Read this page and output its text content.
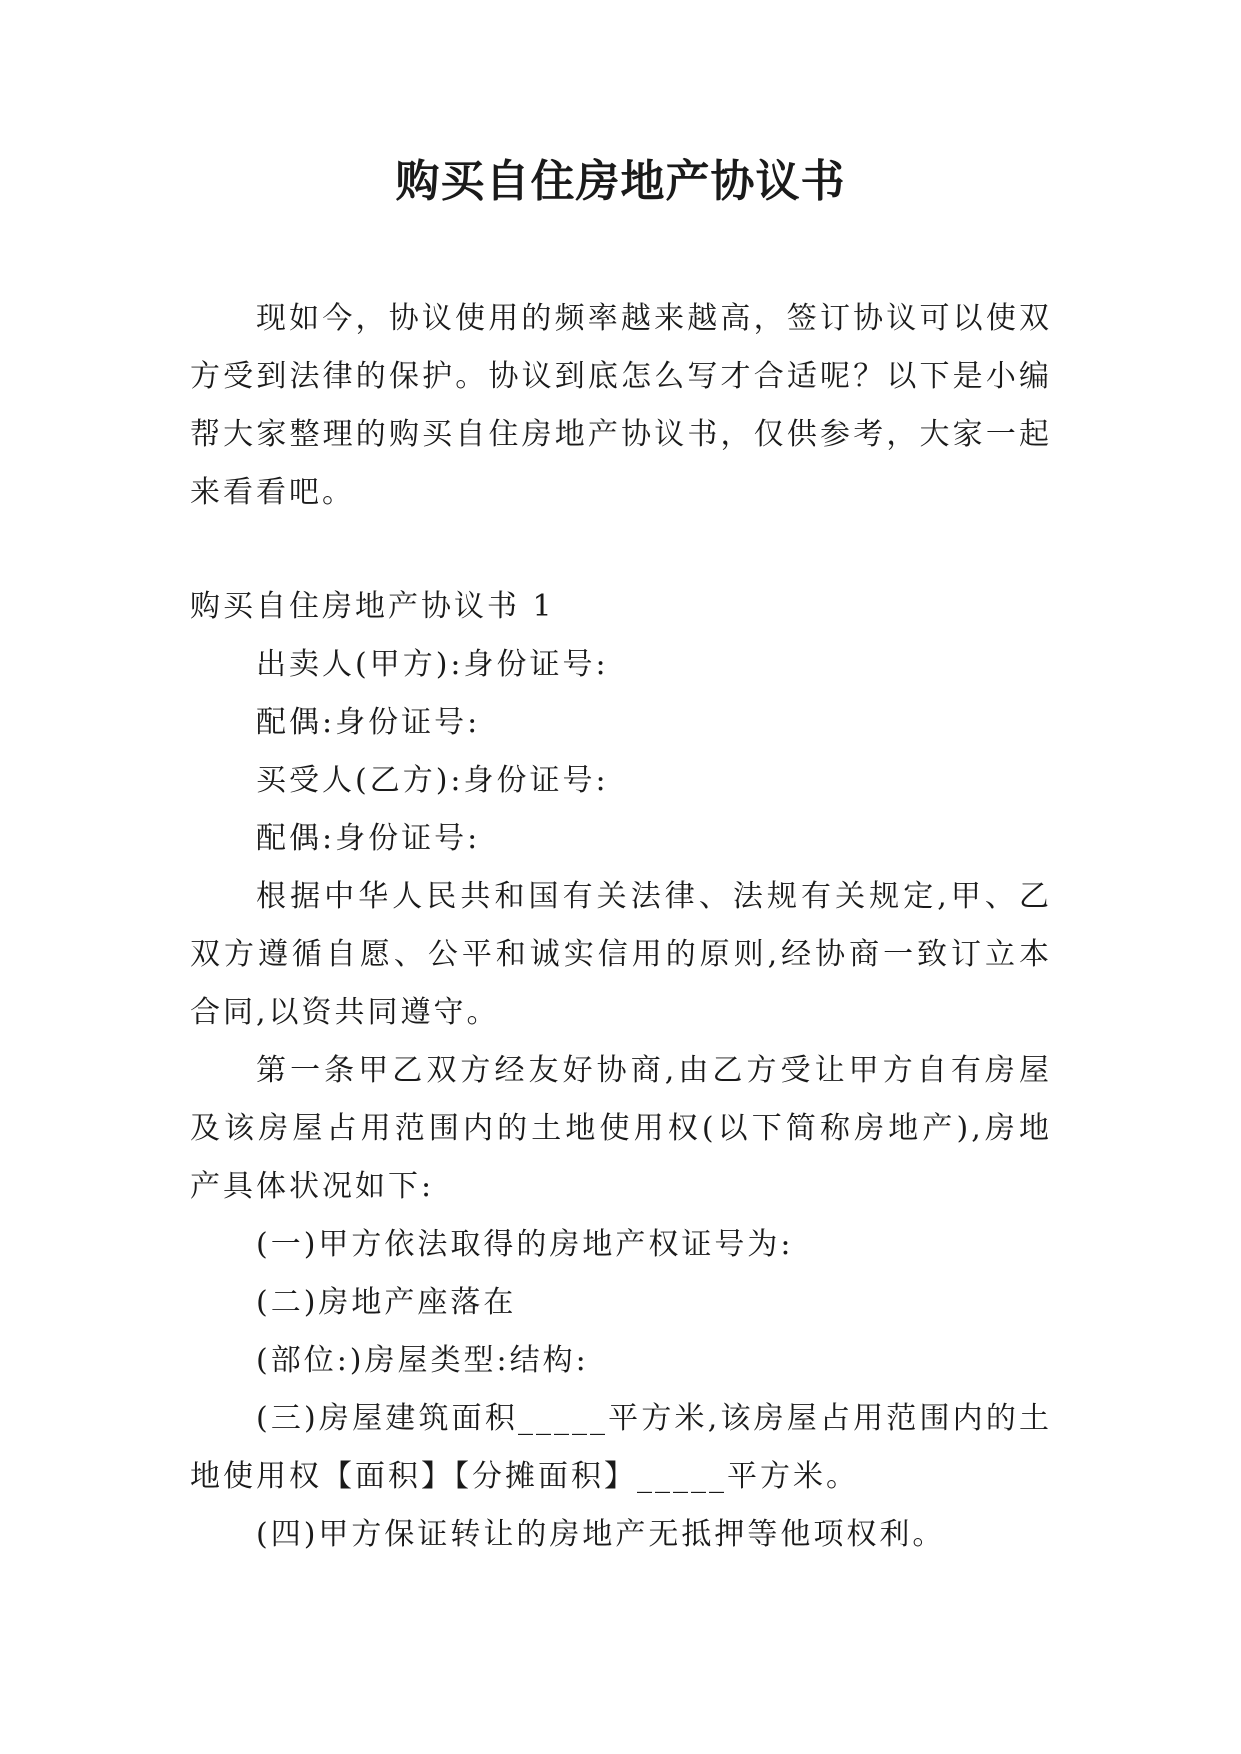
购买自住房地产协议书

现如今，协议使用的频率越来越高，签订协议可以使双方受到法律的保护。协议到底怎么写才合适呢？以下是小编帮大家整理的购买自住房地产协议书，仅供参考，大家一起来看看吧。

购买自住房地产协议书 1

出卖人(甲方):身份证号:

配偶:身份证号:

买受人(乙方):身份证号:

配偶:身份证号:

根据中华人民共和国有关法律、法规有关规定,甲、乙双方遵循自愿、公平和诚实信用的原则,经协商一致订立本合同,以资共同遵守。

第一条甲乙双方经友好协商,由乙方受让甲方自有房屋及该房屋占用范围内的土地使用权(以下简称房地产),房地产具体状况如下:

(一)甲方依法取得的房地产权证号为:

(二)房地产座落在

(部位:)房屋类型:结构:

(三)房屋建筑面积_____平方米,该房屋占用范围内的土地使用权【面积】【分摊面积】_____平方米。

(四)甲方保证转让的房地产无抵押等他项权利。
